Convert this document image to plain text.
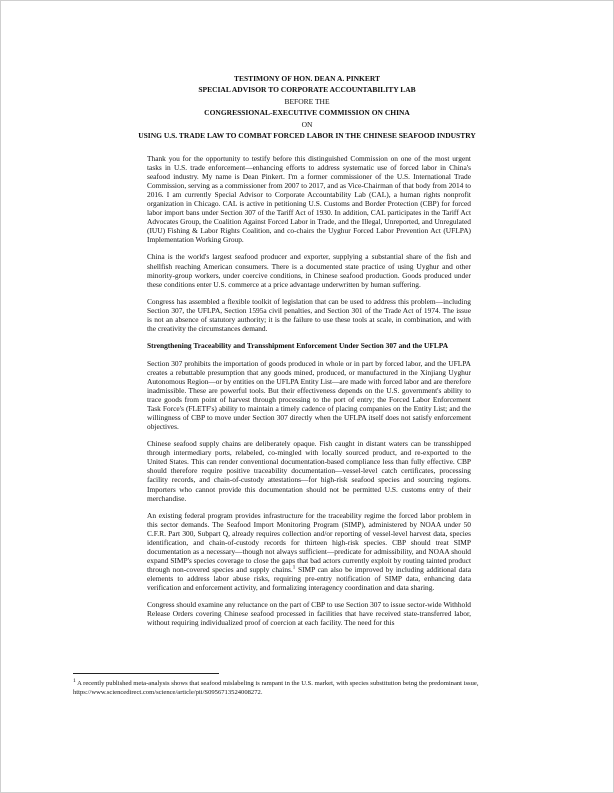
TESTIMONY OF HON. DEAN A. PINKERT
SPECIAL ADVISOR TO CORPORATE ACCOUNTABILITY LAB
BEFORE THE
CONGRESSIONAL-EXECUTIVE COMMISSION ON CHINA
ON
USING U.S. TRADE LAW TO COMBAT FORCED LABOR IN THE CHINESE SEAFOOD INDUSTRY

Thank you for the opportunity to testify before this distinguished Commission on one of the most urgent tasks in U.S. trade enforcement—enhancing efforts to address systematic use of forced labor in China's seafood industry. My name is Dean Pinkert. I'm a former commissioner of the U.S. International Trade Commission, serving as a commissioner from 2007 to 2017, and as Vice-Chairman of that body from 2014 to 2016. I am currently Special Advisor to Corporate Accountability Lab (CAL), a human rights nonprofit organization in Chicago. CAL is active in petitioning U.S. Customs and Border Protection (CBP) for forced labor import bans under Section 307 of the Tariff Act of 1930. In addition, CAL participates in the Tariff Act Advocates Group, the Coalition Against Forced Labor in Trade, and the Illegal, Unreported, and Unregulated (IUU) Fishing & Labor Rights Coalition, and co-chairs the Uyghur Forced Labor Prevention Act (UFLPA) Implementation Working Group.

China is the world's largest seafood producer and exporter, supplying a substantial share of the fish and shellfish reaching American consumers. There is a documented state practice of using Uyghur and other minority-group workers, under coercive conditions, in Chinese seafood production. Goods produced under these conditions enter U.S. commerce at a price advantage underwritten by human suffering.

Congress has assembled a flexible toolkit of legislation that can be used to address this problem—including Section 307, the UFLPA, Section 1595a civil penalties, and Section 301 of the Trade Act of 1974. The issue is not an absence of statutory authority; it is the failure to use these tools at scale, in combination, and with the creativity the circumstances demand.

Strengthening Traceability and Transshipment Enforcement Under Section 307 and the UFLPA

Section 307 prohibits the importation of goods produced in whole or in part by forced labor, and the UFLPA creates a rebuttable presumption that any goods mined, produced, or manufactured in the Xinjiang Uyghur Autonomous Region—or by entities on the UFLPA Entity List—are made with forced labor and are therefore inadmissible. These are powerful tools. But their effectiveness depends on the U.S. government's ability to trace goods from point of harvest through processing to the port of entry; the Forced Labor Enforcement Task Force's (FLETF's) ability to maintain a timely cadence of placing companies on the Entity List; and the willingness of CBP to move under Section 307 directly when the UFLPA itself does not satisfy enforcement objectives.

Chinese seafood supply chains are deliberately opaque. Fish caught in distant waters can be transshipped through intermediary ports, relabeled, co-mingled with locally sourced product, and re-exported to the United States. This can render conventional documentation-based compliance less than fully effective. CBP should therefore require positive traceability documentation—vessel-level catch certificates, processing facility records, and chain-of-custody attestations—for high-risk seafood species and sourcing regions. Importers who cannot provide this documentation should not be permitted U.S. customs entry of their merchandise.

An existing federal program provides infrastructure for the traceability regime the forced labor problem in this sector demands. The Seafood Import Monitoring Program (SIMP), administered by NOAA under 50 C.F.R. Part 300, Subpart Q, already requires collection and/or reporting of vessel-level harvest data, species identification, and chain-of-custody records for thirteen high-risk species. CBP should treat SIMP documentation as a necessary—though not always sufficient—predicate for admissibility, and NOAA should expand SIMP's species coverage to close the gaps that bad actors currently exploit by routing tainted product through non-covered species and supply chains.$^1$ SIMP can also be improved by including additional data elements to address labor abuse risks, requiring pre-entry notification of SIMP data, enhancing data verification and enforcement activity, and formalizing interagency coordination and data sharing.

Congress should examine any reluctance on the part of CBP to use Section 307 to issue sector-wide Withhold Release Orders covering Chinese seafood processed in facilities that have received state-transferred labor, without requiring individualized proof of coercion at each facility. The need for this

$^1$ A recently published meta-analysis shows that seafood mislabeling is rampant in the U.S. market, with species substitution being the predominant issue, https://www.sciencedirect.com/science/article/pii/S0956713524008272.
